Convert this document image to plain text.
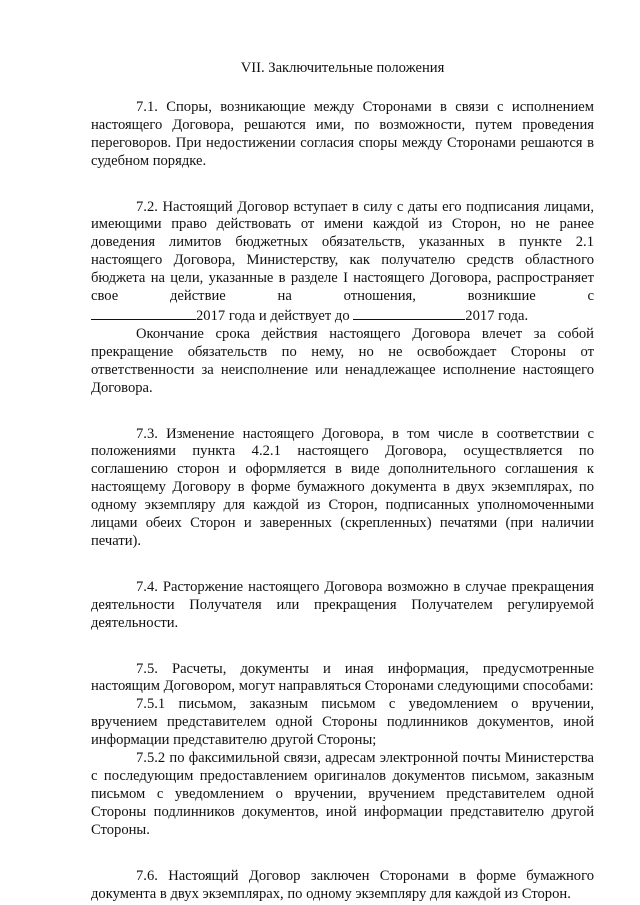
VII. Заключительные положения

7.1. Споры, возникающие между Сторонами в связи с исполнением настоящего Договора, решаются ими, по возможности, путем проведения переговоров. При недостижении согласия споры между Сторонами решаются в судебном порядке.

7.2. Настоящий Договор вступает в силу с даты его подписания лицами, имеющими право действовать от имени каждой из Сторон, но не ранее доведения лимитов бюджетных обязательств, указанных в пункте 2.1 настоящего Договора, Министерству, как получателю средств областного бюджета на цели, указанные в разделе I настоящего Договора, распространяет свое действие на отношения, возникшие с

2017 года и действует до	2017 года.

Окончание срока действия настоящего Договора влечет за собой прекращение обязательств по нему, но не освобождает Стороны от ответственности за неисполнение или ненадлежащее исполнение настоящего Договора.

7.3. Изменение настоящего Договора, в том числе в соответствии с положениями пункта 4.2.1 настоящего Договора, осуществляется по соглашению сторон и оформляется в виде дополнительного соглашения к настоящему Договору в форме бумажного документа в двух экземплярах, по одному экземпляру для каждой из Сторон, подписанных уполномоченными лицами обеих Сторон и заверенных (скрепленных) печатями (при наличии печати).

7.4. Расторжение настоящего Договора возможно в случае прекращения деятельности Получателя или прекращения Получателем регулируемой деятельности.

7.5. Расчеты, документы и иная информация, предусмотренные настоящим Договором, могут направляться Сторонами следующими способами:

7.5.1 письмом, заказным письмом с уведомлением о вручении, вручением представителем одной Стороны подлинников документов, иной информации представителю другой Стороны;

7.5.2 по факсимильной связи, адресам электронной почты Министерства с последующим предоставлением оригиналов документов письмом, заказным письмом с уведомлением о вручении, вручением представителем одной Стороны подлинников документов, иной информации представителю другой Стороны.

7.6. Настоящий Договор заключен Сторонами в форме бумажного документа в двух экземплярах, по одному экземпляру для каждой из Сторон.
